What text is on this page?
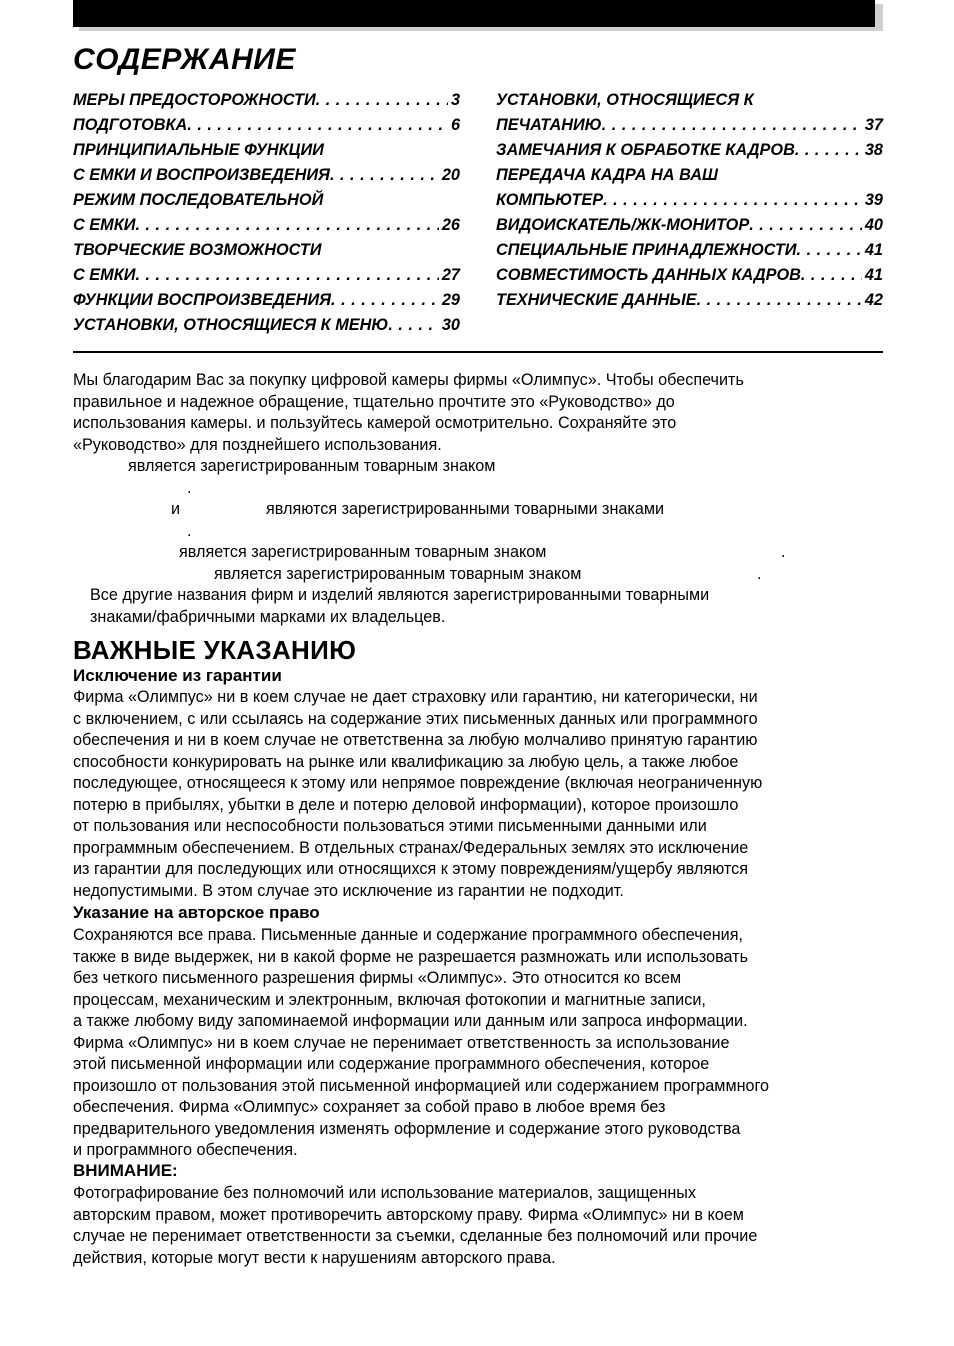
СОДЕРЖАНИЕ
МЕРЫ ПРЕДОСТОРОЖНОСТИ . . .	3
ПОДГОТОВКА . . .	6
ПРИНЦИПИАЛЬНЫЕ ФУНКЦИИ
С ЕМКИ И ВОСПРОИЗВЕДЕНИЯ . . .	20
РЕЖИМ ПОСЛЕДОВАТЕЛЬНОЙ
С ЕМКИ . . .	26
ТВОРЧЕСКИЕ ВОЗМОЖНОСТИ
С ЕМКИ . . .	27
ФУНКЦИИ ВОСПРОИЗВЕДЕНИЯ . . .	29
УСТАНОВКИ, ОТНОСЯЩИЕСЯ К МЕНЮ . . .	30
УСТАНОВКИ, ОТНОСЯЩИЕСЯ К
ПЕЧАТАНИЮ . . .	37
ЗАМЕЧАНИЯ К ОБРАБОТКЕ КАДРОВ . . .	38
ПЕРЕДАЧА КАДРА НА ВАШ
КОМПЬЮТЕР . . .	39
ВИДОИСКАТЕЛЬ/ЖК-МОНИТОР . . .	40
СПЕЦИАЛЬНЫЕ ПРИНАДЛЕЖНОСТИ . . .	41
СОВМЕСТИМОСТЬ ДАННЫХ КАДРОВ . . .	41
ТЕХНИЧЕСКИЕ ДАННЫЕ . . .	42
Мы благодарим Вас за покупку цифровой камеры фирмы «Олимпус». Чтобы обеспечить
правильное и надежное обращение, тщательно прочтите это «Руководство» до
использования камеры. и пользуйтесь камерой осмотрительно. Сохраняйте это
«Руководство» для позднейшего использования.
является зарегистрированным товарным знаком
.
и	являются зарегистрированными товарными знаками
.
является зарегистрированным товарным знаком	.
является зарегистрированным товарным знаком	.
Все другие названия фирм и изделий являются зарегистрированными товарными
знаками/фабричными марками их владельцев.
ВАЖНЫЕ УКАЗАНИЮ
Исключение из гарантии
Фирма «Олимпус» ни в коем случае не дает страховку или гарантию, ни категорически, ни
с включением, с или ссылаясь на содержание этих письменных данных или программного
обеспечения и ни в коем случае не ответственна за любую молчаливо принятую гарантию
способности конкурировать на рынке или квалификацию за любую цель, а также любое
последующее, относящееся к этому или непрямое повреждение (включая неограниченную
потерю в прибылях, убытки в деле и потерю деловой информации), которое произошло
от пользования или неспособности пользоваться этими письменными данными или
программным обеспечением. В отдельных странах/Федеральных землях это исключение
из гарантии для последующих или относящихся к этому повреждениям/ущербу являются
недопустимыми. В этом случае это исключение из гарантии не подходит.
Указание на авторское право
Сохраняются все права. Письменные данные и содержание программного обеспечения,
также в виде выдержек, ни в какой форме не разрешается размножать или использовать
без четкого письменного разрешения фирмы «Олимпус». Это относится ко всем
процессам, механическим и электронным, включая фотокопии и магнитные записи,
а также любому виду запоминаемой информации или данным или запроса информации.
Фирма «Олимпус» ни в коем случае не перенимает ответственность за использование
этой письменной информации или содержание программного обеспечения, которое
произошло от пользования этой письменной информацией или содержанием программного
обеспечения. Фирма «Олимпус» сохраняет за собой право в любое время без
предварительного уведомления изменять оформление и содержание этого руководства
и программного обеспечения.
ВНИМАНИЕ:
Фотографирование без полномочий или использование материалов, защищенных
авторским правом, может противоречить авторскому праву. Фирма «Олимпус» ни в коем
случае не перенимает ответственности за съемки, сделанные без полномочий или прочие
действия, которые могут вести к нарушениям авторского права.
